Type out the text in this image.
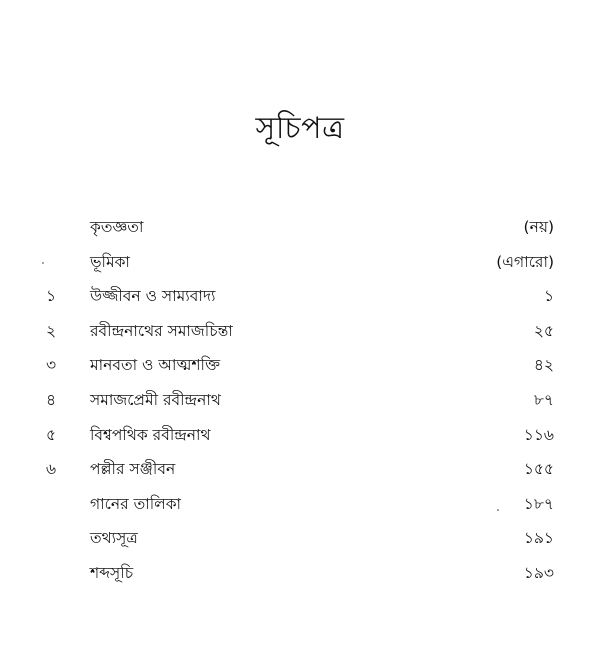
সূচিপত্র
কৃতজ্ঞতা	(নয়)
ভূমিকা	(এগারো)
১	উজ্জীবন ও সাম্যবাদ্য	১
২	রবীন্দ্রনাথের সমাজচিন্তা	২৫
৩	মানবতা ও আত্মশক্তি	৪২
৪	সমাজপ্রেমী রবীন্দ্রনাথ	৮৭
৫	বিশ্বপথিক রবীন্দ্রনাথ	১১৬
৬	পল্লীর সঞ্জীবন	১৫৫
গানের তালিকা	১৮৭
তথ্যসূত্র	১৯১
শব্দসূচি	১৯৩
